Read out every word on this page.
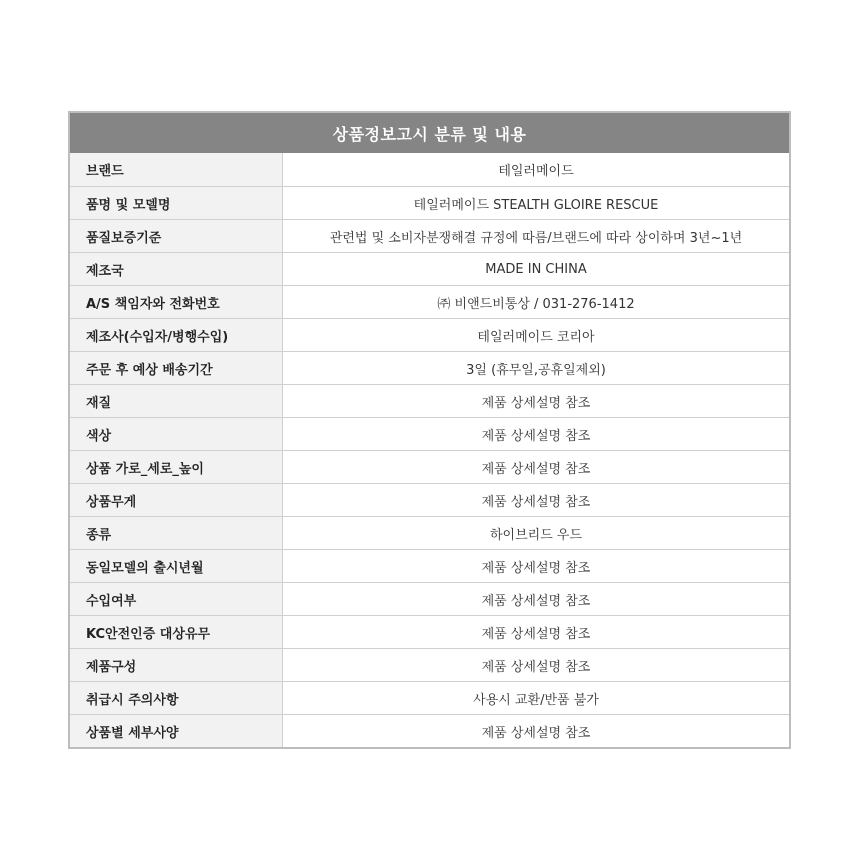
상품정보고시 분류 및 내용
브랜드	테일러메이드
품명 및 모델명	테일러메이드 STEALTH GLOIRE RESCUE
품질보증기준	관련법 및 소비자분쟁해결 규정에 따름/브랜드에 따라 상이하며 3년~1년
제조국	MADE IN CHINA
A/S 책임자와 전화번호	㈜ 비앤드비통상 / 031-276-1412
제조사(수입자/병행수입)	테일러메이드 코리아
주문 후 예상 배송기간	3일 (휴무일,공휴일제외)
재질	제품 상세설명 참조
색상	제품 상세설명 참조
상품 가로_세로_높이	제품 상세설명 참조
상품무게	제품 상세설명 참조
종류	하이브리드 우드
동일모델의 출시년월	제품 상세설명 참조
수입여부	제품 상세설명 참조
KC안전인증 대상유무	제품 상세설명 참조
제품구성	제품 상세설명 참조
취급시 주의사항	사용시 교환/반품 불가
상품별 세부사양	제품 상세설명 참조
